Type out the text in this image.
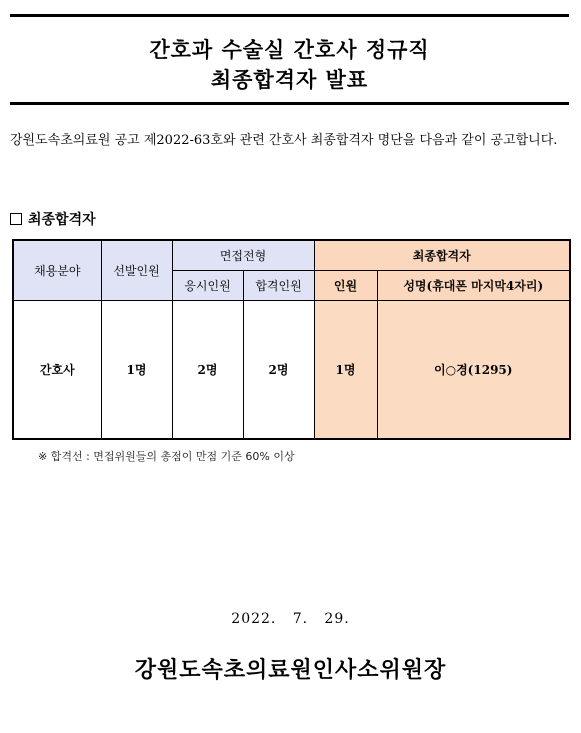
간호과 수술실 간호사 정규직
최종합격자 발표
강원도속초의료원 공고 제2022-63호와 관련 간호사 최종합격자 명단을 다음과 같이 공고합니다.
최종합격자
채용분야	선발인원	면접전형		최종합격자	
		응시인원	합격인원	인원	성명(휴대폰 마지막4자리)
간호사	1명	2명	2명	1명	이○경(1295)
※ 합격선 : 면접위원들의 총점이 만점 기준 60% 이상
2022.   7.   29.
강원도속초의료원인사소위원장
